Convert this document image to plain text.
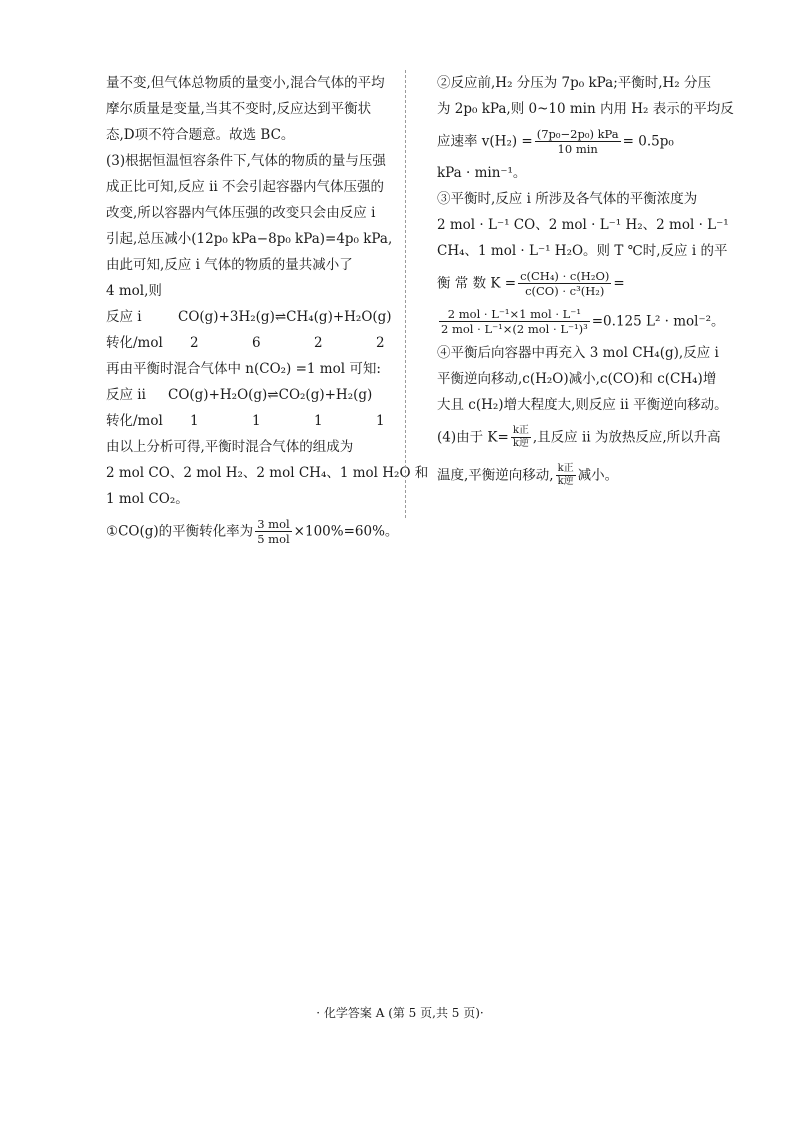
量不变,但气体总物质的量变小,混合气体的平均
摩尔质量是变量,当其不变时,反应达到平衡状
态,D项不符合题意。故选 BC。
(3)根据恒温恒容条件下,气体的物质的量与压强
成正比可知,反应 ⅱ 不会引起容器内气体压强的
改变,所以容器内气体压强的改变只会由反应 ⅰ
引起,总压减小(12p₀ kPa−8p₀ kPa)=4p₀ kPa,
由此可知,反应 ⅰ 气体的物质的量共减小了
4 mol,则
反应 ⅰ	CO(g)+3H₂(g)⇌CH₄(g)+H₂O(g)
转化/mol 2	6	2	2
再由平衡时混合气体中 n(CO₂) =1 mol 可知:
反应 ⅱ CO(g)+H₂O(g)⇌CO₂(g)+H₂(g)
转化/mol 1	1	1	1
由以上分析可得,平衡时混合气体的组成为
2 mol CO、2 mol H₂、2 mol CH₄、1 mol H₂O 和
1 mol CO₂。
①CO(g)的平衡转化率为 $\frac{\text{3 mol}}{\text{5 mol}} \times 100\%=60\%$。
②反应前,H₂ 分压为 7p₀ kPa;平衡时,H₂ 分压
为 2p₀ kPa,则 0~10 min 内用 H₂ 表示的平均反
应速率 $v(H_2) = \frac{\text{(7p₀−2p₀) kPa}}{10 \min} = 0.5p_0$
kPa · min⁻¹。
③平衡时,反应 ⅰ 所涉及各气体的平衡浓度为
2 mol · L⁻¹ CO、2 mol · L⁻¹ H₂、2 mol · L⁻¹
CH₄、1 mol · L⁻¹ H₂O。则 T ℃时,反应 ⅰ 的平
衡 常 数 $K = \frac{\text{c(CH₄) · c(H₂O)}}{\text{c(CO) · c³(H₂)}}$ =
$\frac{\text{2 mol · L⁻¹×1 mol · L⁻¹}}{\text{2 mol · L⁻¹×(2 mol · L⁻¹)³}} =0.125$ L² · mol⁻²。
④平衡后向容器中再充入 3 mol CH₄(g),反应 ⅰ
平衡逆向移动,c(H₂O)减小,c(CO)和 c(CH₄)增
大且 c(H₂)增大程度大,则反应 ⅱ 平衡逆向移动。
(4)由于 $K= \frac{\text{k正}}{\text{k逆}}$ ,且反应 ⅱ 为放热反应,所以升高
温度,平衡逆向移动, $\frac{\text{k正}}{\text{k逆}}$ 减小。
· 化学答案 A (第 5 页,共 5 页)·
